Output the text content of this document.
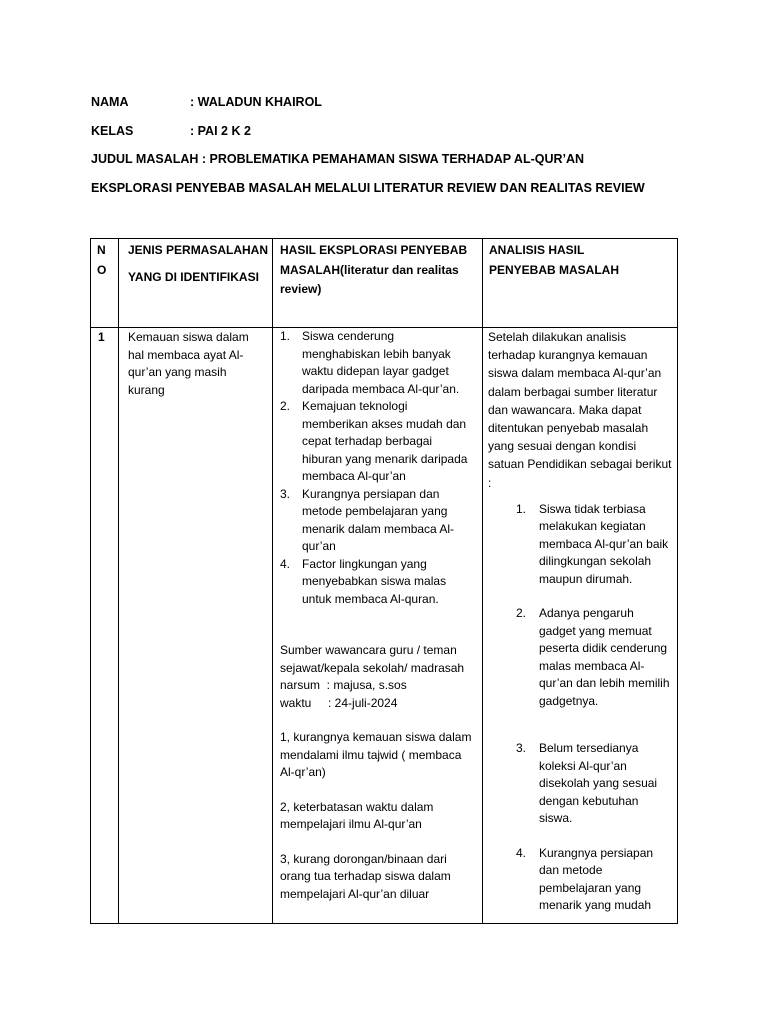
NAMA	: WALADUN KHAIROL
KELAS	: PAI 2 K 2
JUDUL MASALAH : PROBLEMATIKA PEMAHAMAN SISWA TERHADAP AL-QUR’AN
EKSPLORASI PENYEBAB MASALAH MELALUI LITERATUR REVIEW DAN REALITAS REVIEW

N

O

JENIS PERMASALAHAN

YANG DI IDENTIFIKASI

HASIL EKSPLORASI PENYEBAB MASALAH(literatur dan realitas review)
ANALISIS HASIL PENYEBAB MASALAH
1 Kemauan siswa dalam hal membaca ayat Al-qur’an yang masih kurang
1. Siswa cenderung menghabiskan lebih banyak waktu didepan layar gadget daripada membaca Al-qur’an.
2. Kemajuan teknologi memberikan akses mudah dan cepat terhadap berbagai hiburan yang menarik daripada membaca Al-qur’an
3. Kurangnya persiapan dan metode pembelajaran yang menarik dalam membaca Al-qur’an
4. Factor lingkungan yang menyebabkan siswa malas untuk membaca Al-quran.

Sumber wawancara guru / teman sejawat/kepala sekolah/ madrasah

narsum  : majusa, s.sos

waktu     : 24-juli-2024

1, kurangnya kemauan siswa dalam mendalami ilmu tajwid ( membaca Al-qr’an)

2, keterbatasan waktu dalam mempelajari ilmu Al-qur’an

3, kurang dorongan/binaan dari orang tua terhadap siswa dalam mempelajari Al-qur’an diluar

Setelah dilakukan analisis terhadap kurangnya kemauan siswa dalam membaca Al-qur’an dalam berbagai sumber literatur dan wawancara. Maka dapat ditentukan penyebab masalah yang sesuai dengan kondisi satuan Pendidikan sebagai berikut :

1. Siswa tidak terbiasa melakukan kegiatan membaca Al-qur’an baik dilingkungan sekolah maupun dirumah.
2. Adanya pengaruh gadget yang memuat peserta didik cenderung malas membaca Al-qur’an dan lebih memilih gadgetnya.
3. Belum tersedianya koleksi Al-qur’an disekolah yang sesuai dengan kebutuhan siswa.
4. Kurangnya persiapan dan metode pembelajaran yang menarik yang mudah
